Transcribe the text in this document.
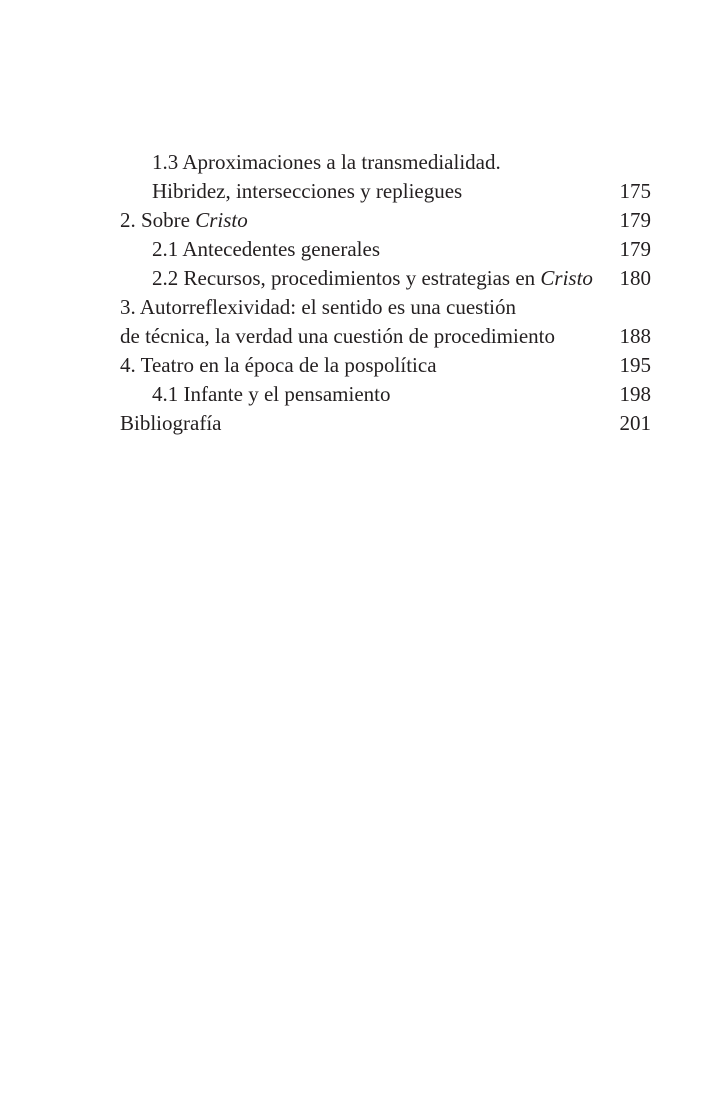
1.3 Aproximaciones a la transmedialidad.
Hibridez, intersecciones y repliegues	175
2. Sobre Cristo	179
2.1 Antecedentes generales	179
2.2 Recursos, procedimientos y estrategias en Cristo	180
3. Autorreflexividad: el sentido es una cuestión
de técnica, la verdad una cuestión de procedimiento	188
4. Teatro en la época de la pospolítica	195
4.1 Infante y el pensamiento	198
Bibliografía	201
